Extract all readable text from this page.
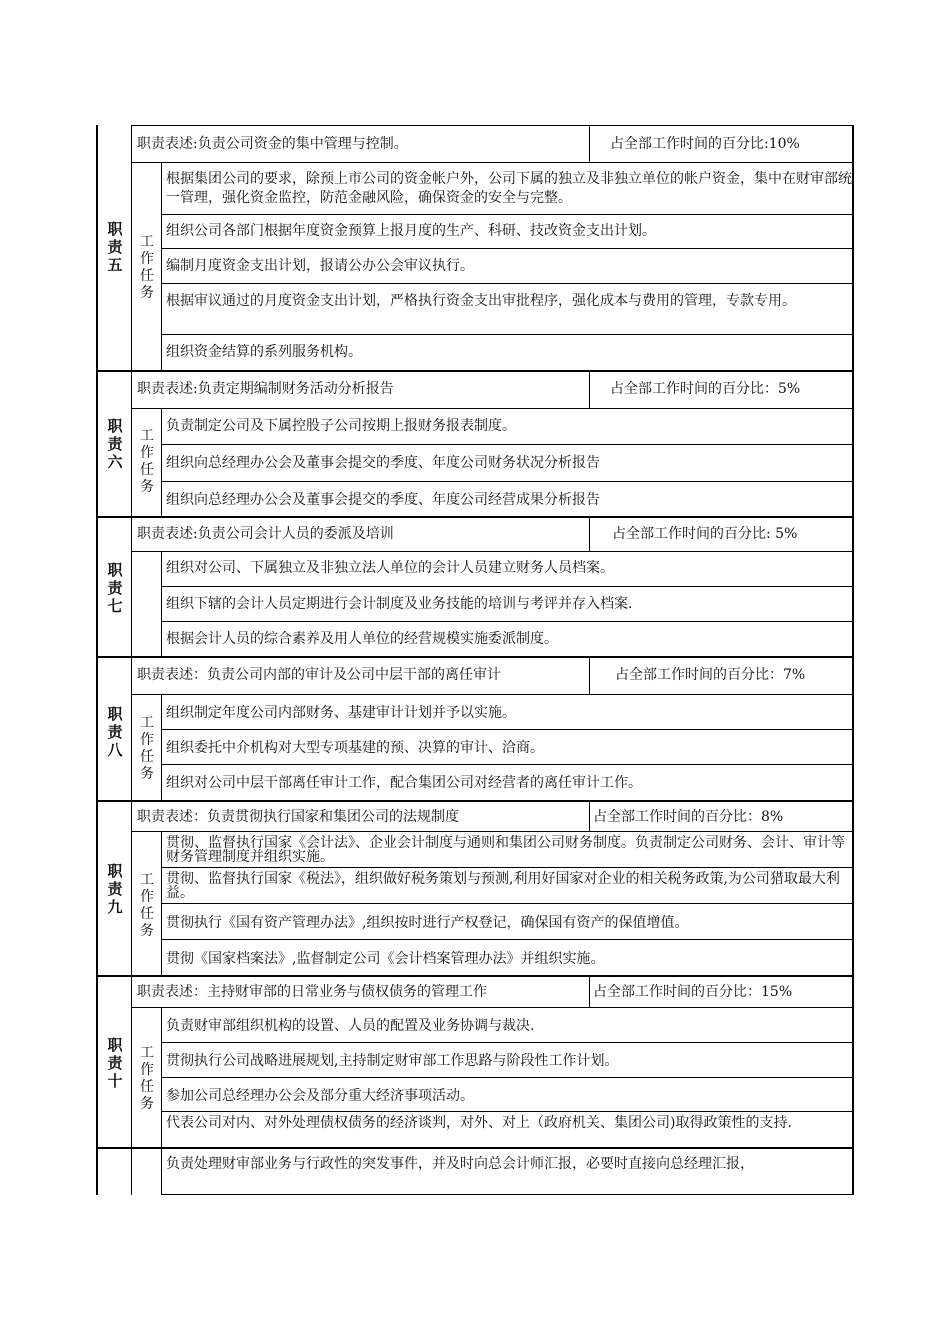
职责五
职责表述:负责公司资金的集中管理与控制。	占全部工作时间的百分比:10%
工作任务
根据集团公司的要求，除预上市公司的资金帐户外，公司下属的独立及非独立单位的帐户资金，集中在财审部统一管理，强化资金监控，防范金融风险，确保资金的安全与完整。
组织公司各部门根据年度资金预算上报月度的生产、科研、技改资金支出计划。
编制月度资金支出计划，报请公办公会审议执行。
根据审议通过的月度资金支出计划，严格执行资金支出审批程序，强化成本与费用的管理，专款专用。
组织资金结算的系列服务机构。
职责六
职责表述:负责定期编制财务活动分析报告	占全部工作时间的百分比：5%
工作任务
负责制定公司及下属控股子公司按期上报财务报表制度。
组织向总经理办公会及董事会提交的季度、年度公司财务状况分析报告
组织向总经理办公会及董事会提交的季度、年度公司经营成果分析报告
职责七
职责表述:负责公司会计人员的委派及培训	占全部工作时间的百分比: 5%
组织对公司、下属独立及非独立法人单位的会计人员建立财务人员档案。
组织下辖的会计人员定期进行会计制度及业务技能的培训与考评并存入档案.
根据会计人员的综合素养及用人单位的经营规模实施委派制度。
职责八
职责表述：负责公司内部的审计及公司中层干部的离任审计	占全部工作时间的百分比：7%
工作任务
组织制定年度公司内部财务、基建审计计划并予以实施。
组织委托中介机构对大型专项基建的预、决算的审计、洽商。
组织对公司中层干部离任审计工作，配合集团公司对经营者的离任审计工作。
职责九
职责表述：负责贯彻执行国家和集团公司的法规制度	占全部工作时间的百分比：8%
工作任务
贯彻、监督执行国家《会计法》、企业会计制度与通则和集团公司财务制度。负责制定公司财务、会计、审计等财务管理制度并组织实施。
贯彻、监督执行国家《税法》，组织做好税务策划与预测,利用好国家对企业的相关税务政策,为公司猎取最大利益。
贯彻执行《国有资产管理办法》,组织按时进行产权登记，确保国有资产的保值增值。
贯彻《国家档案法》,监督制定公司《会计档案管理办法》并组织实施。
职责十
职责表述：主持财审部的日常业务与债权债务的管理工作	占全部工作时间的百分比：15%
工作任务
负责财审部组织机构的设置、人员的配置及业务协调与裁决.
贯彻执行公司战略进展规划,主持制定财审部工作思路与阶段性工作计划。
参加公司总经理办公会及部分重大经济事项活动。
代表公司对内、对外处理债权债务的经济谈判，对外、对上（政府机关、集团公司)取得政策性的支持.
负责处理财审部业务与行政性的突发事件，并及时向总会计师汇报，必要时直接向总经理汇报，
